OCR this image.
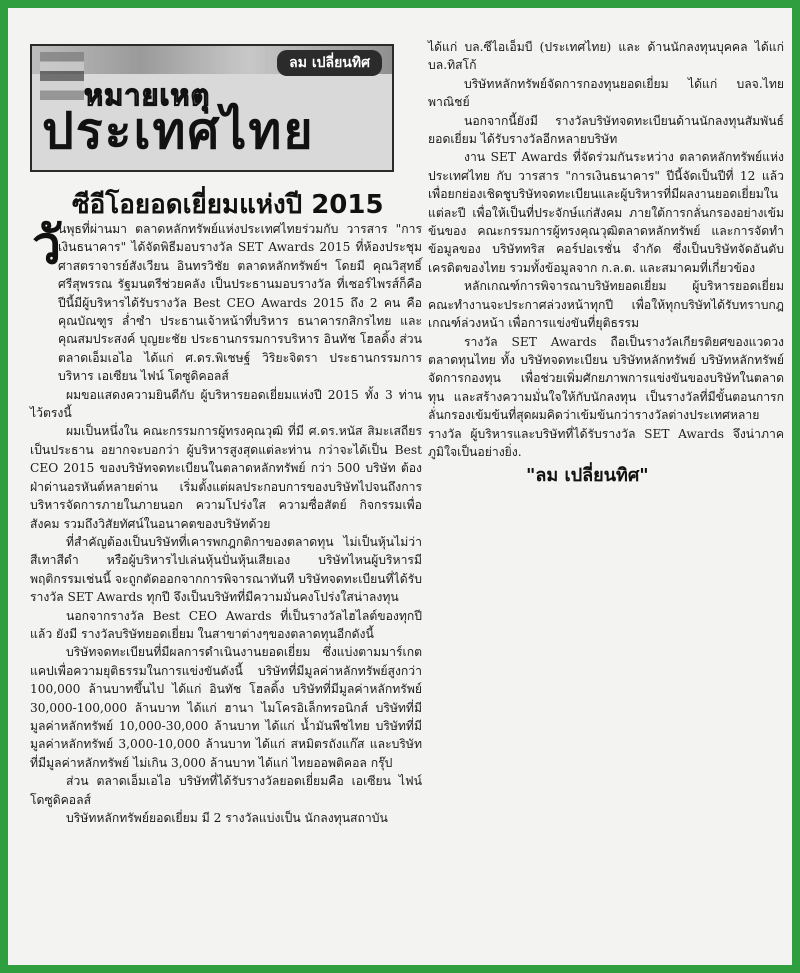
ลม เปลี่ยนทิศ
หมายเหตุ
ประเทศไทย
ซีอีโอยอดเยี่ยมแห่งปี 2015
วั

นพุธที่ผ่านมา ตลาดหลักทรัพย์แห่งประเทศไทยร่วมกับ วารสาร "การเงินธนาคาร" ได้จัดพิธีมอบรางวัล SET Awards 2015 ที่ห้องประชุมศาสตราจารย์สังเวียน อินทรวิชัย ตลาดหลักทรัพย์ฯ โดยมี คุณวิสุทธิ์ ศรีสุพรรณ รัฐมนตรีช่วยคลัง เป็นประธานมอบรางวัล ที่เซอร์ไพรส์ก็คือปีนี้มีผู้บริหารได้รับรางวัล Best CEO Awards 2015 ถึง 2 คน คือ คุณบัณฑูร ล่ำซำ ประธานเจ้าหน้าที่บริหาร ธนาคารกสิกรไทย และ คุณสมประสงค์ บุญยะชัย ประธานกรรมการบริหาร อินทัช โฮลดิ้ง ส่วนตลาดเอ็มเอไอ ได้แก่ ศ.ดร.พิเชษฐ์ วิริยะจิตรา ประธานกรรมการบริหาร เอเซียน ไฟน์ โดซูดิคอลส์

ผมขอแสดงความยินดีกับ ผู้บริหารยอดเยี่ยมแห่งปี 2015 ทั้ง 3 ท่านไว้ตรงนี้

ผมเป็นหนึ่งใน คณะกรรมการผู้ทรงคุณวุฒิ ที่มี ศ.ดร.หนัส สิมะเสถียร เป็นประธาน อยากจะบอกว่า ผู้บริหารสูงสุดแต่ละท่าน กว่าจะได้เป็น Best CEO 2015 ของบริษัทจดทะเบียนในตลาดหลักทรัพย์ กว่า 500 บริษัท ต้องฝ่าด่านอรหันต์หลายด่าน เริ่มตั้งแต่ผลประกอบการของบริษัทไปจนถึงการบริหารจัดการภายในภายนอก ความโปร่งใส ความซื่อสัตย์ กิจกรรมเพื่อสังคม รวมถึงวิสัยทัศน์ในอนาคตของบริษัทด้วย

ที่สำคัญต้องเป็นบริษัทที่เคารพกฎกติกาของตลาดทุน ไม่เป็นหุ้นไม่ว่าสีเทาสีดำ หรือผู้บริหารไปเล่นหุ้นปั่นหุ้นเสียเอง บริษัทไหนผู้บริหารมีพฤติกรรมเช่นนี้ จะถูกตัดออกจากการพิจารณาทันที บริษัทจดทะเบียนที่ได้รับรางวัล SET Awards ทุกปี จึงเป็นบริษัทที่มีความมั่นคงโปร่งใสน่าลงทุน

นอกจากรางวัล Best CEO Awards ที่เป็นรางวัลไฮไลต์ของทุกปีแล้ว ยังมี รางวัลบริษัทยอดเยี่ยม ในสาขาต่างๆของตลาดทุนอีกดังนี้

บริษัทจดทะเบียนที่มีผลการดำเนินงานยอดเยี่ยม ซึ่งแบ่งตามมาร์เกตแคปเพื่อความยุติธรรมในการแข่งขันดังนี้ บริษัทที่มีมูลค่าหลักทรัพย์สูงกว่า 100,000 ล้านบาทขึ้นไป ได้แก่ อินทัช โฮลดิ้ง บริษัทที่มีมูลค่าหลักทรัพย์ 30,000-100,000 ล้านบาท ได้แก่ ฮานา ไมโครอิเล็กทรอนิกส์ บริษัทที่มีมูลค่าหลักทรัพย์ 10,000-30,000 ล้านบาท ได้แก่ น้ำมันพืชไทย บริษัทที่มีมูลค่าหลักทรัพย์ 3,000-10,000 ล้านบาท ได้แก่ สหมิตรถังแก๊ส และบริษัทที่มีมูลค่าหลักทรัพย์ ไม่เกิน 3,000 ล้านบาท ได้แก่ ไทยออพติคอล กรุ๊ป

ส่วน ตลาดเอ็มเอไอ บริษัทที่ได้รับรางวัลยอดเยี่ยมคือ เอเซียน ไฟน์ โดซูดิคอลส์

บริษัทหลักทรัพย์ยอดเยี่ยม มี 2 รางวัลแบ่งเป็น นักลงทุนสถาบัน

ได้แก่ บล.ซีไอเอ็มบี (ประเทศไทย) และ ด้านนักลงทุนบุคคล ได้แก่ บล.ทิสโก้

บริษัทหลักทรัพย์จัดการกองทุนยอดเยี่ยม ได้แก่ บลจ.ไทยพาณิชย์

นอกจากนี้ยังมี รางวัลบริษัทจดทะเบียนด้านนักลงทุนสัมพันธ์ยอดเยี่ยม ได้รับรางวัลอีกหลายบริษัท

งาน SET Awards ที่จัดร่วมกันระหว่าง ตลาดหลักทรัพย์แห่งประเทศไทย กับ วารสาร "การเงินธนาคาร" ปีนี้จัดเป็นปีที่ 12 แล้ว เพื่อยกย่องเชิดชูบริษัทจดทะเบียนและผู้บริหารที่มีผลงานยอดเยี่ยมในแต่ละปี เพื่อให้เป็นที่ประจักษ์แก่สังคม ภายใต้การกลั่นกรองอย่างเข้มข้นของ คณะกรรมการผู้ทรงคุณวุฒิตลาดหลักทรัพย์ และการจัดทำข้อมูลของ บริษัททริส คอร์ปอเรชั่น จำกัด ซึ่งเป็นบริษัทจัดอันดับเครดิตของไทย รวมทั้งข้อมูลจาก ก.ล.ต. และสมาคมที่เกี่ยวข้อง

หลักเกณฑ์การพิจารณาบริษัทยอดเยี่ยม ผู้บริหารยอดเยี่ยม คณะทำงานจะประกาศล่วงหน้าทุกปี เพื่อให้ทุกบริษัทได้รับทราบกฎเกณฑ์ล่วงหน้า เพื่อการแข่งขันที่ยุติธรรม

รางวัล SET Awards ถือเป็นรางวัลเกียรติยศของแวดวงตลาดทุนไทย ทั้ง บริษัทจดทะเบียน บริษัทหลักทรัพย์ บริษัทหลักทรัพย์จัดการกองทุน เพื่อช่วยเพิ่มศักยภาพการแข่งขันของบริษัทในตลาดทุน และสร้างความมั่นใจให้กับนักลงทุน เป็นรางวัลที่มีขั้นตอนการกลั่นกรองเข้มข้นที่สุดผมคิดว่าเข้มข้นกว่ารางวัลต่างประเทศหลายรางวัล ผู้บริหารและบริษัทที่ได้รับรางวัล SET Awards จึงน่าภาคภูมิใจเป็นอย่างยิ่ง.

"ลม เปลี่ยนทิศ"
